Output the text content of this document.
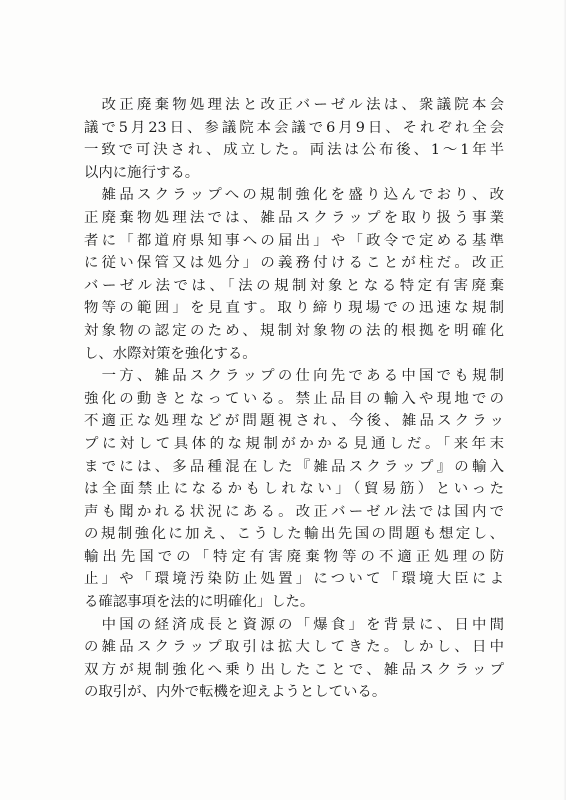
　改正廃棄物処理法と改正バーゼル法は、衆議院本会
議で5月23日、参議院本会議で6月9日、それぞれ全会
一致で可決され、成立した。両法は公布後、1〜1年半
以内に施行する。
　雑品スクラップへの規制強化を盛り込んでおり、改
正廃棄物処理法では、雑品スクラップを取り扱う事業
者に「都道府県知事への届出」や「政令で定める基準
に従い保管又は処分」の義務付けることが柱だ。改正
バーゼル法では、「法の規制対象となる特定有害廃棄
物等の範囲」を見直す。取り締り現場での迅速な規制
対象物の認定のため、規制対象物の法的根拠を明確化
し、水際対策を強化する。
　一方、雑品スクラップの仕向先である中国でも規制
強化の動きとなっている。禁止品目の輸入や現地での
不適正な処理などが問題視され、今後、雑品スクラッ
プに対して具体的な規制がかかる見通しだ。「来年末
までには、多品種混在した『雑品スクラップ』の輸入
は全面禁止になるかもしれない」（貿易筋）といった
声も聞かれる状況にある。改正バーゼル法では国内で
の規制強化に加え、こうした輸出先国の問題も想定し、
輸出先国での「特定有害廃棄物等の不適正処理の防
止」や「環境汚染防止処置」について「環境大臣によ
る確認事項を法的に明確化」した。
　中国の経済成長と資源の「爆食」を背景に、日中間
の雑品スクラップ取引は拡大してきた。しかし、日中
双方が規制強化へ乗り出したことで、雑品スクラップ
の取引が、内外で転機を迎えようとしている。
